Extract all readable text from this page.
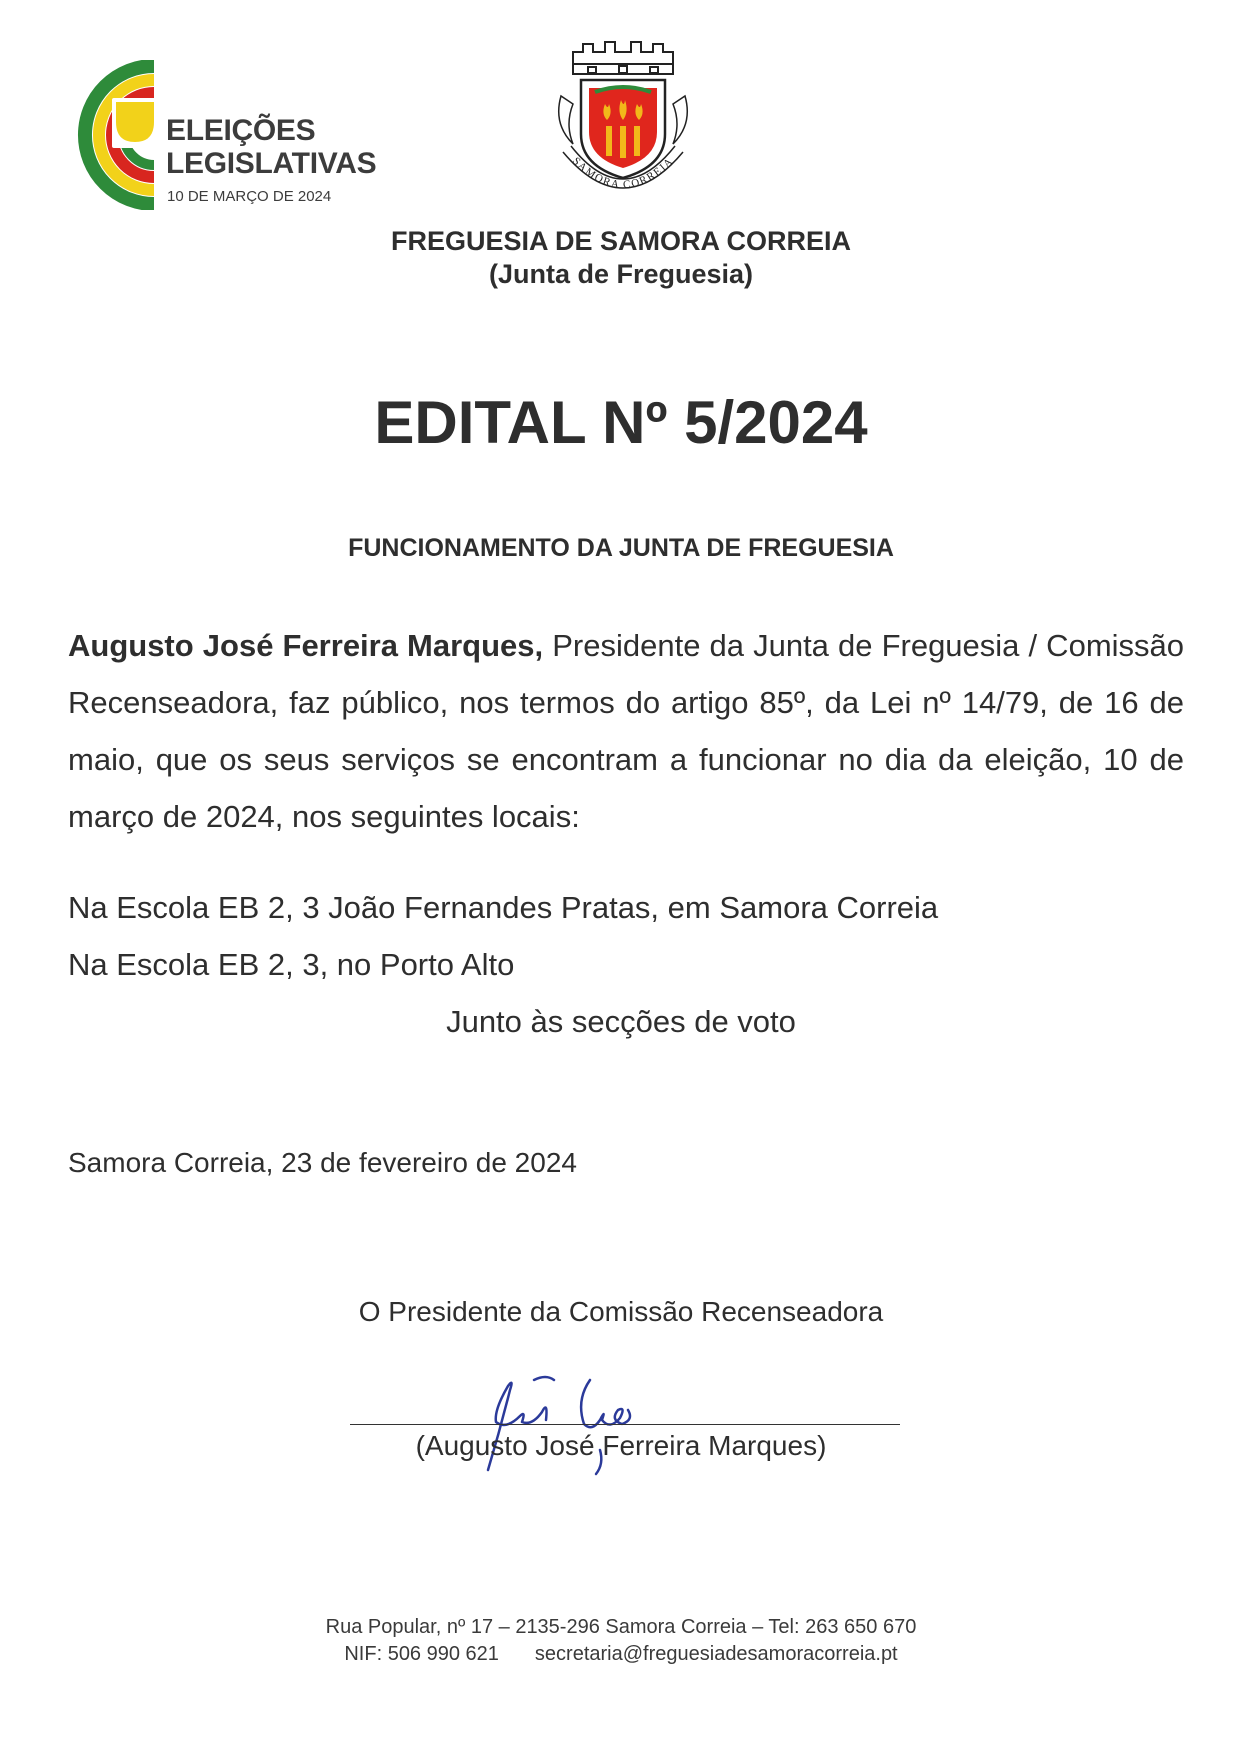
ELEIÇÕES
LEGISLATIVAS
10 DE MARÇO DE 2024
SAMORA CORREIA
FREGUESIA DE SAMORA CORREIA
(Junta de Freguesia)
EDITAL Nº 5/2024
FUNCIONAMENTO DA JUNTA DE FREGUESIA
Augusto José Ferreira Marques, Presidente da Junta de Freguesia / Comissão Recenseadora, faz público, nos termos do artigo 85º, da Lei nº 14/79, de 16 de maio, que os seus serviços se encontram a funcionar no dia da eleição, 10 de março de 2024, nos seguintes locais:
Na Escola EB 2, 3 João Fernandes Pratas, em Samora Correia
Na Escola EB 2, 3, no Porto Alto
Junto às secções de voto
Samora Correia, 23 de fevereiro de 2024
O Presidente da Comissão Recenseadora
(Augusto José Ferreira Marques)
Rua Popular, nº 17 – 2135-296 Samora Correia – Tel: 263 650 670
NIF: 506 990 621 secretaria@freguesiadesamoracorreia.pt
